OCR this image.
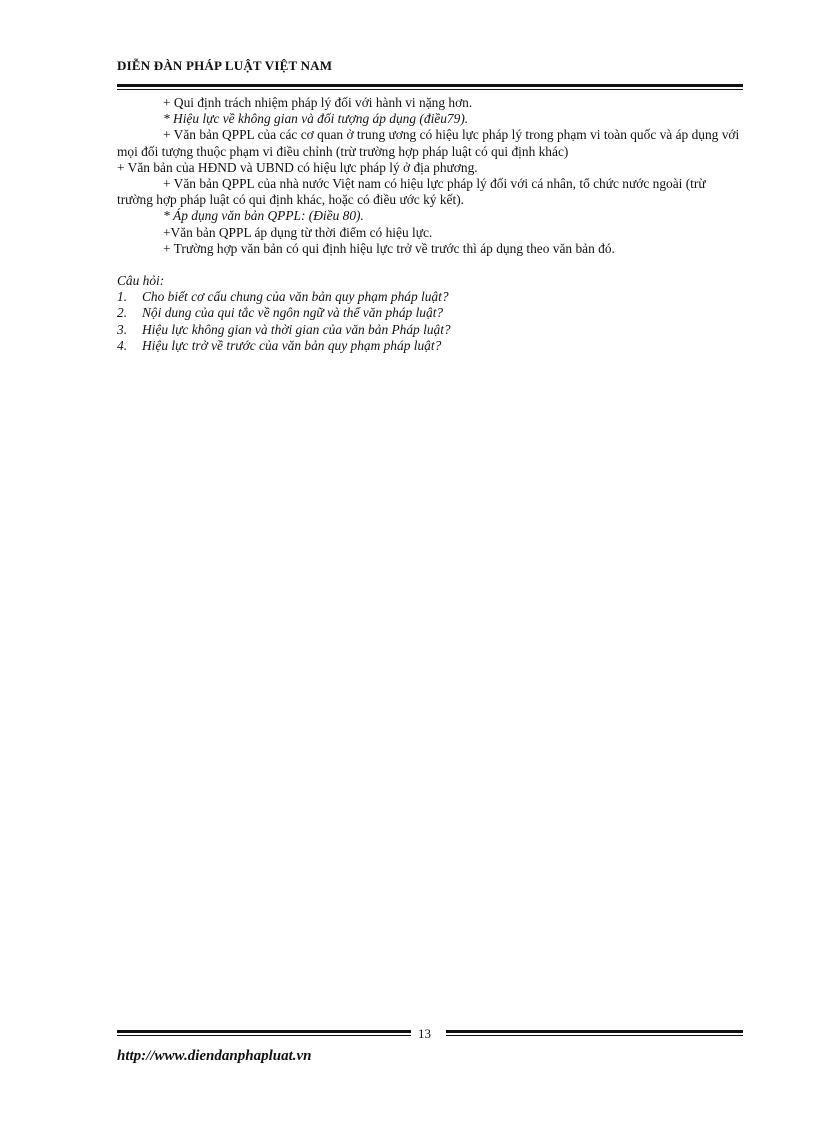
DIỄN ĐÀN PHÁP LUẬT VIỆT NAM

+ Qui định trách nhiệm pháp lý đối với hành vi nặng hơn.

* Hiệu lực về không gian và đối tượng áp dụng (điều79).

+ Văn bản QPPL của các cơ quan ở trung ương có hiệu lực pháp lý trong phạm vi toàn quốc và áp dụng với mọi đối tượng thuộc phạm vi điều chỉnh (trừ trường hợp pháp luật có qui định khác)

+ Văn bản của HĐND và UBND có hiệu lực pháp lý ở địa phương.

+ Văn bản QPPL của nhà nước Việt nam có hiệu lực pháp lý đối với cá nhân, tổ chức nước ngoài (trừ trường hợp pháp luật có qui định khác, hoặc có điều ước ký kết).

* Áp dụng văn bản QPPL: (Điều 80).

+Văn bản QPPL áp dụng từ thời điểm có hiệu lực.

+ Trường hợp văn bản có qui định hiệu lực trở về trước thì áp dụng theo văn bản đó.

Câu hỏi:

1.	Cho biết cơ cấu chung của văn bản quy phạm pháp luật?
2.	Nội dung của qui tắc về ngôn ngữ và thể văn pháp luật?
3.	Hiệu lực không gian và thời gian của văn bản Pháp luật?
4.	Hiệu lực trở về trước của văn bản quy phạm pháp luật?
13
http://www.diendanphapluat.vn
